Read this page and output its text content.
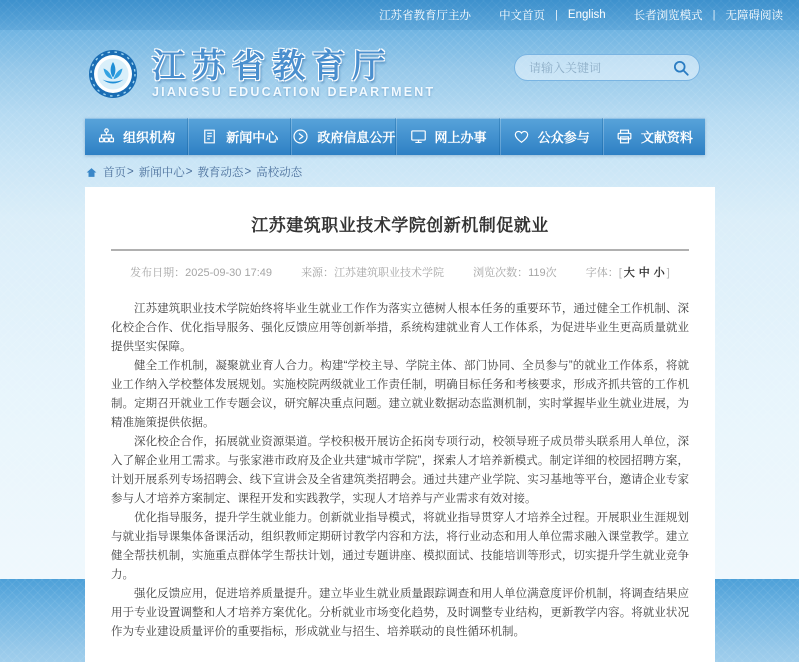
江苏省教育厅主办 中文首页 | English 长者浏览模式 | 无障碍阅读
江苏省教育厅
JIANGSU EDUCATION DEPARTMENT
请输入关键词
组织机构	新闻中心	政府信息公开	网上办事	公众参与	文献资料
首页 > 新闻中心 > 教育动态 > 高校动态
江苏建筑职业技术学院创新机制促就业
发布日期：2025-09-30 17:49	来源：江苏建筑职业技术学院	浏览次数：119次	字体：[ 大 中 小 ]

江苏建筑职业技术学院始终将毕业生就业工作作为落实立德树人根本任务的重要环节，通过健全工作机制、深化校企合作、优化指导服务、强化反馈应用等创新举措，系统构建就业育人工作体系，为促进毕业生更高质量就业提供坚实保障。

健全工作机制，凝聚就业育人合力。构建“学校主导、学院主体、部门协同、全员参与”的就业工作体系，将就业工作纳入学校整体发展规划。实施校院两级就业工作责任制，明确目标任务和考核要求，形成齐抓共管的工作机制。定期召开就业工作专题会议，研究解决重点问题。建立就业数据动态监测机制，实时掌握毕业生就业进展，为精准施策提供依据。

深化校企合作，拓展就业资源渠道。学校积极开展访企拓岗专项行动，校领导班子成员带头联系用人单位，深入了解企业用工需求。与张家港市政府及企业共建“城市学院”，探索人才培养新模式。制定详细的校园招聘方案，计划开展系列专场招聘会、线下宣讲会及全省建筑类招聘会。通过共建产业学院、实习基地等平台，邀请企业专家参与人才培养方案制定、课程开发和实践教学，实现人才培养与产业需求有效对接。

优化指导服务，提升学生就业能力。创新就业指导模式，将就业指导贯穿人才培养全过程。开展职业生涯规划与就业指导课集体备课活动，组织教师定期研讨教学内容和方法，将行业动态和用人单位需求融入课堂教学。建立健全帮扶机制，实施重点群体学生帮扶计划，通过专题讲座、模拟面试、技能培训等形式，切实提升学生就业竞争力。

强化反馈应用，促进培养质量提升。建立毕业生就业质量跟踪调查和用人单位满意度评价机制，将调查结果应用于专业设置调整和人才培养方案优化。分析就业市场变化趋势，及时调整专业结构，更新教学内容。将就业状况作为专业建设质量评价的重要指标，形成就业与招生、培养联动的良性循环机制。
